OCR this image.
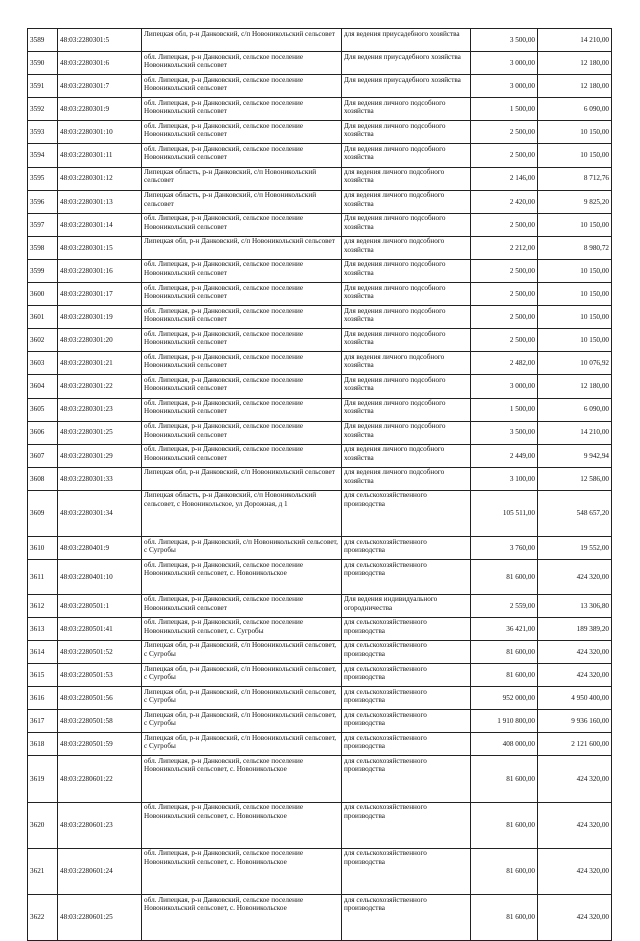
3589	48:03:2280301:5	Липецкая обл, р-н Данковский, с/п Новоникольский сельсовет	для ведения приусадебного хозяйства	3 500,00	14 210,00
3590	48:03:2280301:6	обл. Липецкая, р-н Данковский, сельское поселение Новоникольский сельсовет	Для ведения приусадебного хозяйства	3 000,00	12 180,00
3591	48:03:2280301:7	обл. Липецкая, р-н Данковский, сельское поселение Новоникольский сельсовет	Для ведения приусадебного хозяйства	3 000,00	12 180,00
3592	48:03:2280301:9	обл. Липецкая, р-н Данковский, сельское поселение Новоникольский сельсовет	Для ведения личного подсобного хозяйства	1 500,00	6 090,00
3593	48:03:2280301:10	обл. Липецкая, р-н Данковский, сельское поселение Новоникольский сельсовет	Для ведения личного подсобного хозяйства	2 500,00	10 150,00
3594	48:03:2280301:11	обл. Липецкая, р-н Данковский, сельское поселение Новоникольский сельсовет	Для ведения личного подсобного хозяйства	2 500,00	10 150,00
3595	48:03:2280301:12	Липецкая область, р-н Данковский, с/п Новоникольский сельсовет	для ведения личного подсобного хозяйства	2 146,00	8 712,76
3596	48:03:2280301:13	Липецкая область, р-н Данковский, с/п Новоникольский сельсовет	для ведения личного подсобного хозяйства	2 420,00	9 825,20
3597	48:03:2280301:14	обл. Липецкая, р-н Данковский, сельское поселение Новоникольский сельсовет	Для ведения личного подсобного хозяйства	2 500,00	10 150,00
3598	48:03:2280301:15	Липецкая обл, р-н Данковский, с/п Новоникольский сельсовет	для ведения личного подсобного хозяйства	2 212,00	8 980,72
3599	48:03:2280301:16	обл. Липецкая, р-н Данковский, сельское поселение Новоникольский сельсовет	Для ведения личного подсобного хозяйства	2 500,00	10 150,00
3600	48:03:2280301:17	обл. Липецкая, р-н Данковский, сельское поселение Новоникольский сельсовет	Для ведения личного подсобного хозяйства	2 500,00	10 150,00
3601	48:03:2280301:19	обл. Липецкая, р-н Данковский, сельское поселение Новоникольский сельсовет	Для ведения личного подсобного хозяйства	2 500,00	10 150,00
3602	48:03:2280301:20	обл. Липецкая, р-н Данковский, сельское поселение Новоникольский сельсовет	Для ведения личного подсобного хозяйства	2 500,00	10 150,00
3603	48:03:2280301:21	обл. Липецкая, р-н Данковский, сельское поселение Новоникольский сельсовет	для ведения личного подсобного хозяйства	2 482,00	10 076,92
3604	48:03:2280301:22	обл. Липецкая, р-н Данковский, сельское поселение Новоникольский сельсовет	Для ведения личного подсобного хозяйства	3 000,00	12 180,00
3605	48:03:2280301:23	обл. Липецкая, р-н Данковский, сельское поселение Новоникольский сельсовет	Для ведения личного подсобного хозяйства	1 500,00	6 090,00
3606	48:03:2280301:25	обл. Липецкая, р-н Данковский, сельское поселение Новоникольский сельсовет	Для ведения личного подсобного хозяйства	3 500,00	14 210,00
3607	48:03:2280301:29	обл. Липецкая, р-н Данковский, сельское поселение Новоникольский сельсовет	для ведения личного подсобного хозяйства	2 449,00	9 942,94
3608	48:03:2280301:33	Липецкая обл, р-н Данковский, с/п Новоникольский сельсовет	для ведения личного подсобного хозяйства	3 100,00	12 586,00
3609	48:03:2280301:34	Липецкая область, р-н Данковский, с/п Новоникольский сельсовет, с Новоникольское, ул Дорожная, д 1	для сельскохозяйственного производства	105 511,00	548 657,20
3610	48:03:2280401:9	обл. Липецкая, р-н Данковский, с/п Новоникольский сельсовет, с Сугробы	для сельскохозяйственного производства	3 760,00	19 552,00
3611	48:03:2280401:10	обл. Липецкая, р-н Данковский, сельское поселение Новоникольский сельсовет, с. Новоникольское	для сельскохозяйственного производства	81 600,00	424 320,00
3612	48:03:2280501:1	обл. Липецкая, р-н Данковский, сельское поселение Новоникольский сельсовет	Для ведения индивидуального огородничества	2 559,00	13 306,80
3613	48:03:2280501:41	обл. Липецкая, р-н Данковский, сельское поселение Новоникольский сельсовет, с. Сугробы	для сельскохозяйственного производства	36 421,00	189 389,20
3614	48:03:2280501:52	Липецкая обл, р-н Данковский, с/п Новоникольский сельсовет, с Сугробы	для сельскохозяйственного производства	81 600,00	424 320,00
3615	48:03:2280501:53	Липецкая обл, р-н Данковский, с/п Новоникольский сельсовет, с Сугробы	для сельскохозяйственного производства	81 600,00	424 320,00
3616	48:03:2280501:56	Липецкая обл, р-н Данковский, с/п Новоникольский сельсовет, с Сугробы	для сельскохозяйственного производства	952 000,00	4 950 400,00
3617	48:03:2280501:58	Липецкая обл, р-н Данковский, с/п Новоникольский сельсовет, с Сугробы	для сельскохозяйственного производства	1 910 800,00	9 936 160,00
3618	48:03:2280501:59	Липецкая обл, р-н Данковский, с/п Новоникольский сельсовет, с Сугробы	для сельскохозяйственного производства	408 000,00	2 121 600,00
3619	48:03:2280601:22	обл. Липецкая, р-н Данковский, сельское поселение Новоникольский сельсовет, с. Новоникольское	для сельскохозяйственного производства	81 600,00	424 320,00
3620	48:03:2280601:23	обл. Липецкая, р-н Данковский, сельское поселение Новоникольский сельсовет, с. Новоникольское	для сельскохозяйственного производства	81 600,00	424 320,00
3621	48:03:2280601:24	обл. Липецкая, р-н Данковский, сельское поселение Новоникольский сельсовет, с. Новоникольское	для сельскохозяйственного производства	81 600,00	424 320,00
3622	48:03:2280601:25	обл. Липецкая, р-н Данковский, сельское поселение Новоникольский сельсовет, с. Новоникольское	для сельскохозяйственного производства	81 600,00	424 320,00
